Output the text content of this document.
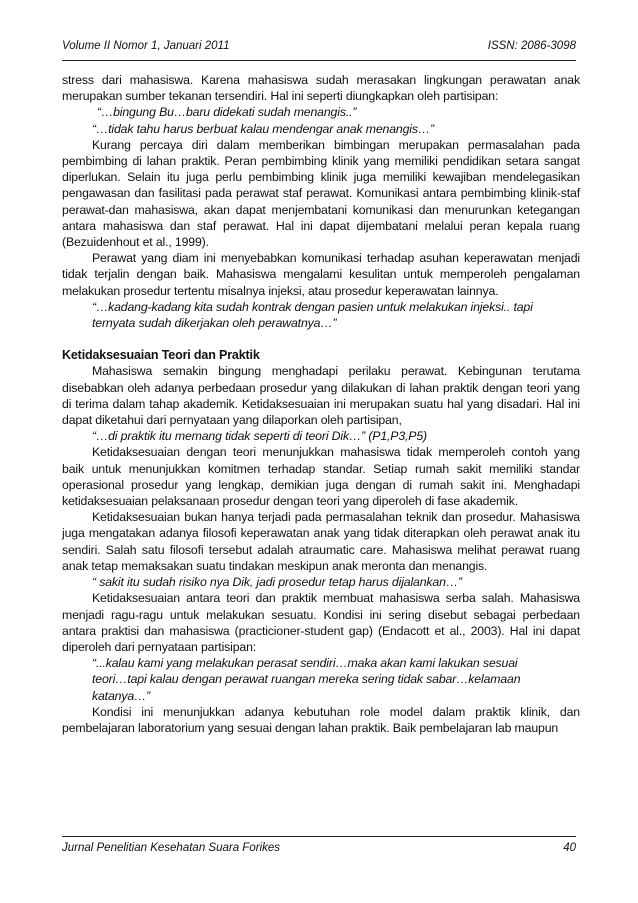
Volume II Nomor 1, Januari 2011	ISSN: 2086-3098

stress dari mahasiswa. Karena mahasiswa sudah merasakan lingkungan perawatan anak merupakan sumber tekanan tersendiri. Hal ini seperti diungkapkan oleh partisipan:

“…bingung Bu…baru didekati sudah menangis..”

“…tidak tahu harus berbuat kalau mendengar anak menangis…”

Kurang percaya diri dalam memberikan bimbingan merupakan permasalahan pada pembimbing di lahan praktik. Peran pembimbing klinik yang memiliki pendidikan setara sangat diperlukan. Selain itu juga perlu pembimbing klinik juga memiliki kewajiban mendelegasikan pengawasan dan fasilitasi pada perawat staf perawat. Komunikasi antara pembimbing klinik-staf perawat-dan mahasiswa, akan dapat menjembatani komunikasi dan menurunkan ketegangan antara mahasiswa dan staf perawat. Hal ini dapat dijembatani melalui peran kepala ruang (Bezuidenhout et al., 1999).

Perawat yang diam ini menyebabkan komunikasi terhadap asuhan keperawatan menjadi tidak terjalin dengan baik. Mahasiswa mengalami kesulitan untuk memperoleh pengalaman melakukan prosedur tertentu misalnya injeksi, atau prosedur keperawatan lainnya.

“…kadang-kadang kita sudah kontrak dengan pasien untuk melakukan injeksi.. tapi

ternyata sudah dikerjakan oleh perawatnya…”

Ketidaksesuaian Teori dan Praktik

Mahasiswa semakin bingung menghadapi perilaku perawat. Kebingunan terutama disebabkan oleh adanya perbedaan prosedur yang dilakukan di lahan praktik dengan teori yang di terima dalam tahap akademik. Ketidaksesuaian ini merupakan suatu hal yang disadari. Hal ini dapat diketahui dari pernyataan yang dilaporkan oleh partisipan,

“…di praktik itu memang tidak seperti di teori Dik…” (P1,P3,P5)

Ketidaksesuaian dengan teori menunjukkan mahasiswa tidak memperoleh contoh yang baik untuk menunjukkan komitmen terhadap standar. Setiap rumah sakit memiliki standar operasional prosedur yang lengkap, demikian juga dengan di rumah sakit ini. Menghadapi ketidaksesuaian pelaksanaan prosedur dengan teori yang diperoleh di fase akademik.

Ketidaksesuaian bukan hanya terjadi pada permasalahan teknik dan prosedur. Mahasiswa juga mengatakan adanya filosofi keperawatan anak yang tidak diterapkan oleh perawat anak itu sendiri. Salah satu filosofi tersebut adalah atraumatic care. Mahasiswa melihat perawat ruang anak tetap memaksakan suatu tindakan meskipun anak meronta dan menangis.

“ sakit itu sudah risiko nya Dik, jadi prosedur tetap harus dijalankan…”

Ketidaksesuaian antara teori dan praktik membuat mahasiswa serba salah. Mahasiswa menjadi ragu-ragu untuk melakukan sesuatu. Kondisi ini sering disebut sebagai perbedaan antara praktisi dan mahasiswa (practicioner-student gap) (Endacott et al., 2003). Hal ini dapat diperoleh dari pernyataan partisipan:

“...kalau kami yang melakukan perasat sendiri…maka akan kami lakukan sesuai

teori…tapi kalau dengan perawat ruangan mereka sering tidak sabar…kelamaan

katanya…”

Kondisi ini menunjukkan adanya kebutuhan role model dalam praktik klinik, dan pembelajaran laboratorium yang sesuai dengan lahan praktik. Baik pembelajaran lab maupun

Jurnal Penelitian Kesehatan Suara Forikes	40
